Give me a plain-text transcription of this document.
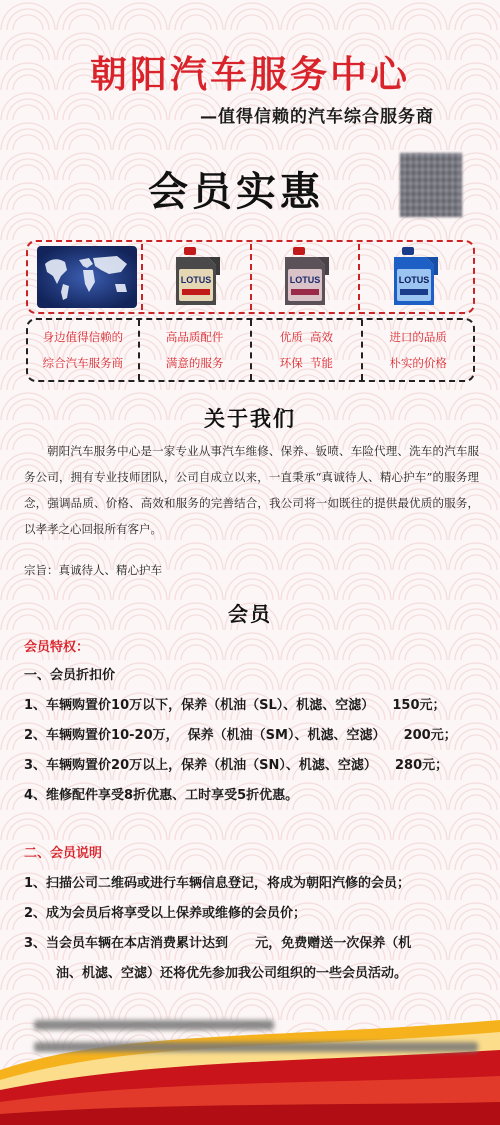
朝阳汽车服务中心
—值得信赖的汽车综合服务商
会员实惠
LOTUS	LOTUS	LOTUS
身边值得信赖的
综合汽车服务商
高品质配件
满意的服务
优质  高效
环保  节能
进口的品质
朴实的价格
关于我们
朝阳汽车服务中心是一家专业从事汽车维修、保养、钣喷、车险代理、洗车的汽车服务公司，拥有专业技师团队，公司自成立以来，一直秉承“真诚待人、精心护车”的服务理念，强调品质、价格、高效和服务的完善结合，我公司将一如既往的提供最优质的服务，以孝孝之心回报所有客户。
宗旨：真诚待人、精心护车
会员
会员特权：
一、会员折扣价
1、车辆购置价10万以下，保养（机油（SL）、机滤、空滤）    150元；
2、车辆购置价10-20万，  保养（机油（SM）、机滤、空滤）    200元；
3、车辆购置价20万以上，保养（机油（SN）、机滤、空滤）    280元；
4、维修配件享受8折优惠、工时享受5折优惠。
二、会员说明
1、扫描公司二维码或进行车辆信息登记，将成为朝阳汽修的会员；
2、成为会员后将享受以上保养或维修的会员价；
3、当会员车辆在本店消费累计达到      元，免费赠送一次保养（机
油、机滤、空滤）还将优先参加我公司组织的一些会员活动。
